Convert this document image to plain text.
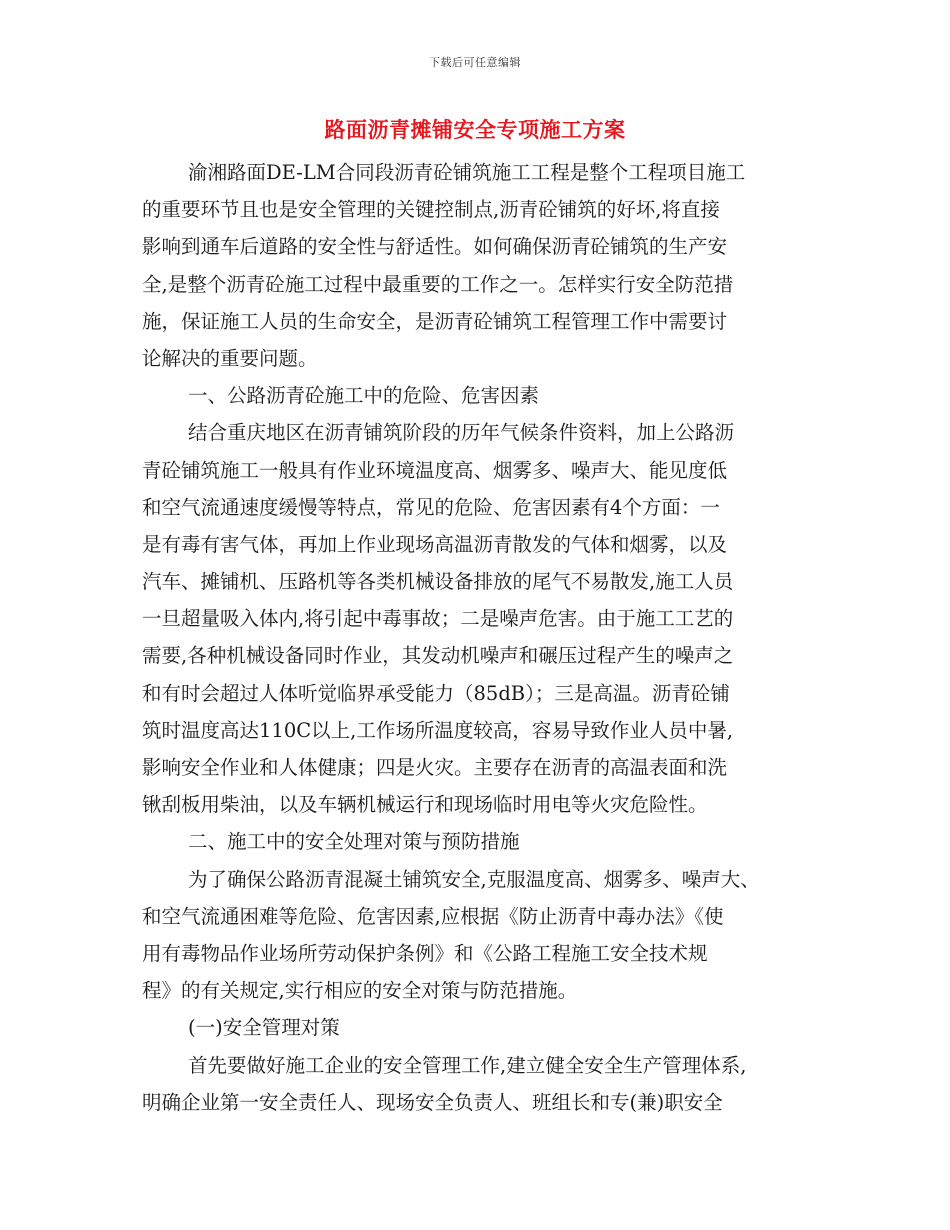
下载后可任意编辑
路面沥青摊铺安全专项施工方案
渝湘路面DE-LM合同段沥青砼铺筑施工工程是整个工程项目施工
的重要环节且也是安全管理的关键控制点,沥青砼铺筑的好坏,将直接
影响到通车后道路的安全性与舒适性。如何确保沥青砼铺筑的生产安
全,是整个沥青砼施工过程中最重要的工作之一。怎样实行安全防范措
施，保证施工人员的生命安全，是沥青砼铺筑工程管理工作中需要讨
论解决的重要问题。
一、公路沥青砼施工中的危险、危害因素
结合重庆地区在沥青铺筑阶段的历年气候条件资料，加上公路沥
青砼铺筑施工一般具有作业环境温度高、烟雾多、噪声大、能见度低
和空气流通速度缓慢等特点，常见的危险、危害因素有4个方面：一
是有毒有害气体，再加上作业现场高温沥青散发的气体和烟雾，以及
汽车、摊铺机、压路机等各类机械设备排放的尾气不易散发,施工人员
一旦超量吸入体内,将引起中毒事故；二是噪声危害。由于施工工艺的
需要,各种机械设备同时作业，其发动机噪声和碾压过程产生的噪声之
和有时会超过人体听觉临界承受能力（85dB）；三是高温。沥青砼铺
筑时温度高达110C以上,工作场所温度较高，容易导致作业人员中暑,
影响安全作业和人体健康；四是火灾。主要存在沥青的高温表面和洗
锹刮板用柴油，以及车辆机械运行和现场临时用电等火灾危险性。
二、施工中的安全处理对策与预防措施
为了确保公路沥青混凝土铺筑安全,克服温度高、烟雾多、噪声大、
和空气流通困难等危险、危害因素,应根据《防止沥青中毒办法》《使
用有毒物品作业场所劳动保护条例》和《公路工程施工安全技术规
程》的有关规定,实行相应的安全对策与防范措施。
(一)安全管理对策
首先要做好施工企业的安全管理工作,建立健全安全生产管理体系,
明确企业第一安全责任人、现场安全负责人、班组长和专(兼)职安全
